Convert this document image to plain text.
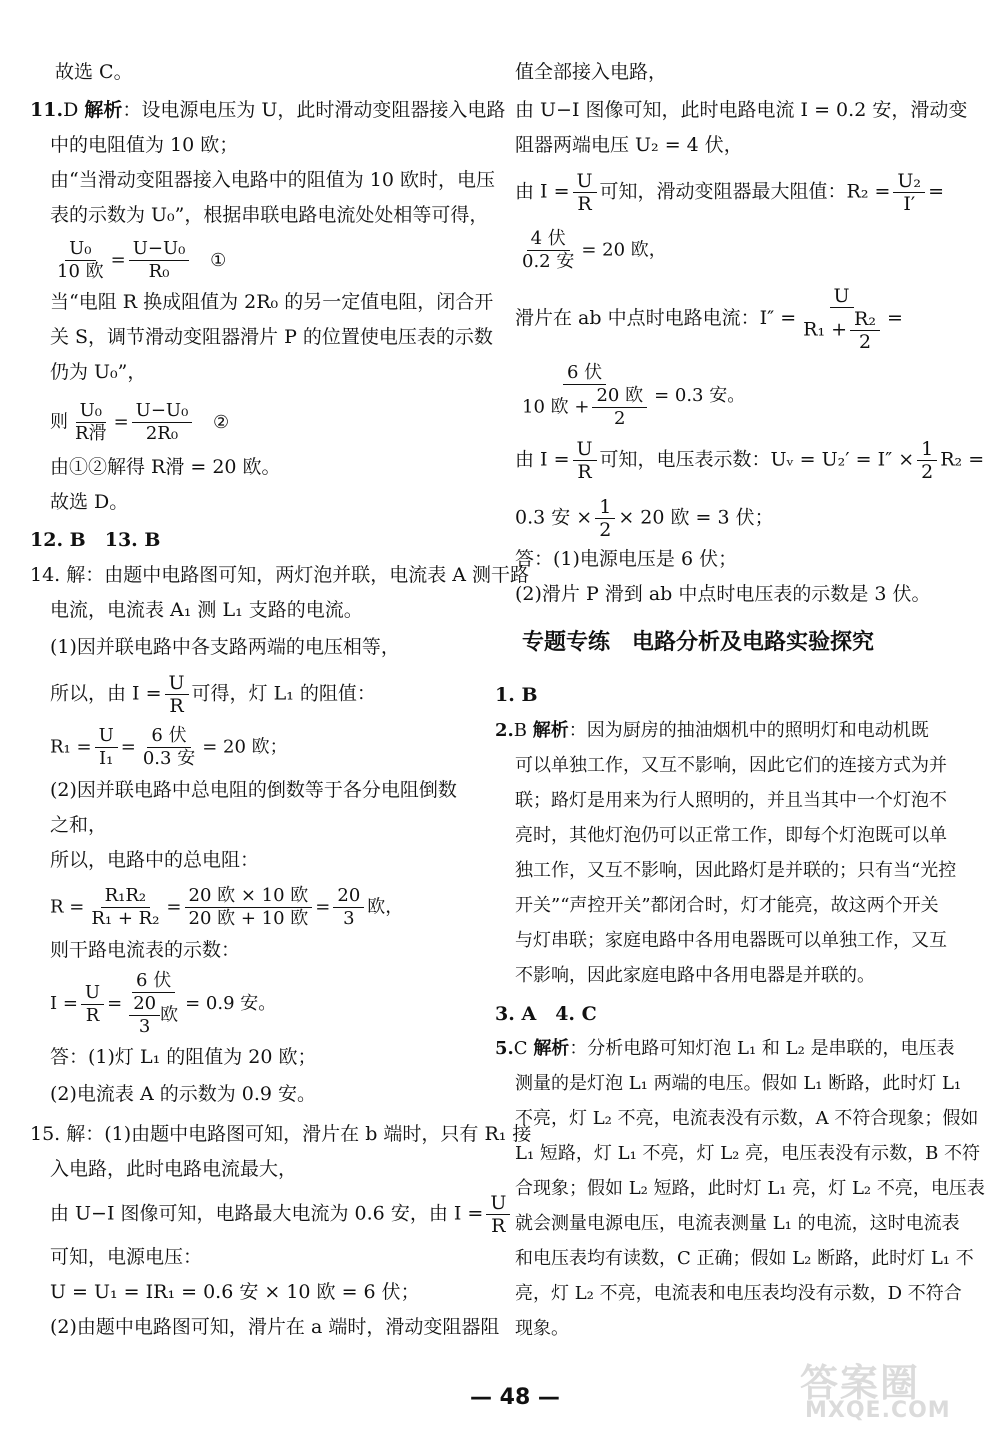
故选 C。
11.D 解析：设电源电压为 U，此时滑动变阻器接入电路
中的电阻值为 10 欧；
由“当滑动变阻器接入电路中的阻值为 10 欧时，电压
表的示数为 U₀”，根据串联电路电流处处相等可得，
$\frac{\text{U₀}}{\text{10 欧}} = \frac{\text{U−U₀}}{\text{R₀}}$ ①
当“电阻 R 换成阻值为 2R₀ 的另一定值电阻，闭合开
关 S，调节滑动变阻器滑片 P 的位置使电压表的示数
仍为 U₀”，
则 $\frac{\text{U₀}}{\text{R滑}} = \frac{\text{U−U₀}}{\text{2R₀}}$ ②
由①②解得 R滑 = 20 欧。
故选 D。
12. B　13. B
14. 解：由题中电路图可知，两灯泡并联，电流表 A 测干路
电流，电流表 A₁ 测 L₁ 支路的电流。
(1)因并联电路中各支路两端的电压相等，
所以，由 $I = \frac{U}{R}$ 可得，灯 L₁ 的阻值：
$R_1 = \frac{U}{\text{I₁}} = \frac{\text{6 伏}}{\text{0.3 安}} = 20$ 欧；
(2)因并联电路中总电阻的倒数等于各分电阻倒数
之和，
所以，电路中的总电阻：
$R = \frac{\text{R₁R₂}}{\text{R₁ + R₂}} = \frac{\text{20 欧 × 10 欧}}{\text{20 欧 + 10 欧}} = \frac{20}{3}$ 欧，
则干路电流表的示数：
$I = \frac{U}{R} = \frac{\text{6 伏}}{\frac{20}{3} 欧} = 0.9$ 安。
答：(1)灯 L₁ 的阻值为 20 欧；
(2)电流表 A 的示数为 0.9 安。
15. 解：(1)由题中电路图可知，滑片在 b 端时，只有 R₁ 接
入电路，此时电路电流最大，
由 U−I 图像可知，电路最大电流为 0.6 安，由 $I = \frac{U}{R}$
可知，电源电压：
U = U₁ = IR₁ = 0.6 安 × 10 欧 = 6 伏；
(2)由题中电路图可知，滑片在 a 端时，滑动变阻器阻
值全部接入电路，
由 U−I 图像可知，此时电路电流 I = 0.2 安，滑动变
阻器两端电压 U₂ = 4 伏，
由 $I = \frac{U}{R}$ 可知，滑动变阻器最大阻值：$R_2 = \frac{\text{U₂}}{I'}$ =
$\frac{\text{4 伏}}{\text{0.2 安}} = 20$ 欧，
滑片在 ab 中点时电路电流：$I'' = \frac{U}{R_1 + \frac{\text{R₂}}{2}}$ =
$\frac{\text{6 伏}}{10 欧 + \frac{\text{20 欧}}{2}} = 0.3$ 安。
由 $I = \frac{U}{R}$ 可知，电压表示数：Uᵥ = $U_2' = I'' \times \frac{1}{2} R_2$ =
0.3 安 × $\frac{1}{2} \times 20$ 欧 = 3 伏；
答：(1)电源电压是 6 伏；
(2)滑片 P 滑到 ab 中点时电压表的示数是 3 伏。
专题专练　电路分析及电路实验探究
1. B
2.B 解析：因为厨房的抽油烟机中的照明灯和电动机既
可以单独工作，又互不影响，因此它们的连接方式为并
联；路灯是用来为行人照明的，并且当其中一个灯泡不
亮时，其他灯泡仍可以正常工作，即每个灯泡既可以单
独工作，又互不影响，因此路灯是并联的；只有当“光控
开关”“声控开关”都闭合时，灯才能亮，故这两个开关
与灯串联；家庭电路中各用电器既可以单独工作，又互
不影响，因此家庭电路中各用电器是并联的。
3. A　4. C
5.C 解析：分析电路可知灯泡 L₁ 和 L₂ 是串联的，电压表
测量的是灯泡 L₁ 两端的电压。假如 L₁ 断路，此时灯 L₁
不亮，灯 L₂ 不亮，电流表没有示数，A 不符合现象；假如
L₁ 短路，灯 L₁ 不亮，灯 L₂ 亮，电压表没有示数，B 不符
合现象；假如 L₂ 短路，此时灯 L₁ 亮，灯 L₂ 不亮，电压表
就会测量电源电压，电流表测量 L₁ 的电流，这时电流表
和电压表均有读数，C 正确；假如 L₂ 断路，此时灯 L₁ 不
亮，灯 L₂ 不亮，电流表和电压表均没有示数，D 不符合
现象。
— 48 —	答案圈
MXQE.COM
